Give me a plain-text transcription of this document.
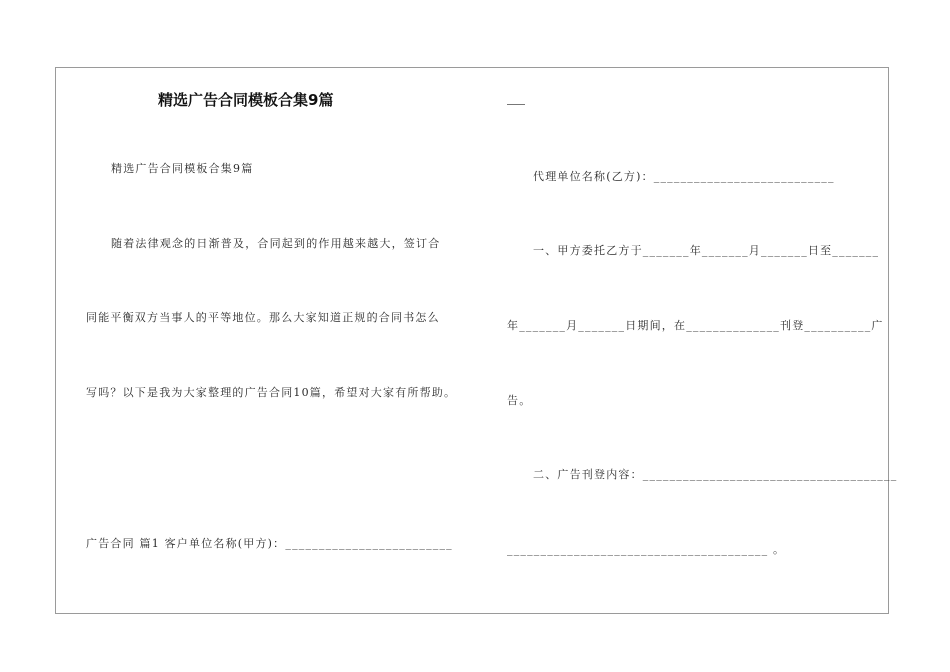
精选广告合同模板合集9篇
精选广告合同模板合集9篇
随着法律观念的日渐普及，合同起到的作用越来越大，签订合
同能平衡双方当事人的平等地位。那么大家知道正规的合同书怎么
写吗？以下是我为大家整理的广告合同10篇，希望对大家有所帮助。
广告合同 篇1 客户单位名称(甲方)：_________________________
代理单位名称(乙方)：___________________________
一、甲方委托乙方于_______年_______月_______日至_______
年_______月_______日期间，在______________刊登__________广
告。
二、广告刊登内容：______________________________________
_______________________________________ 。
